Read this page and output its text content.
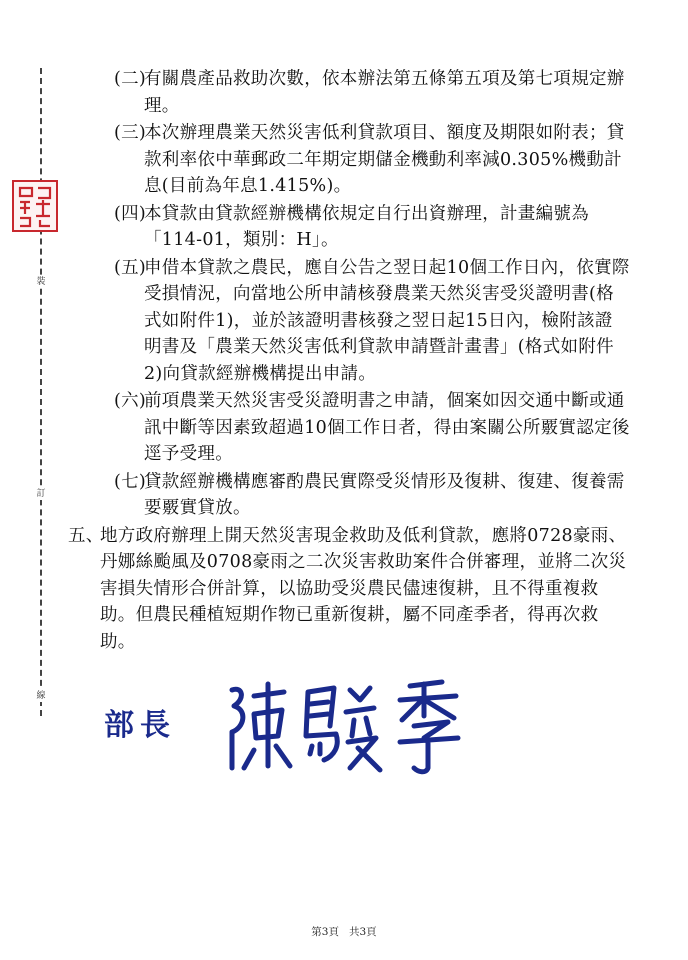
裝
訂
線
(二)
有關農產品救助次數，依本辦法第五條第五項及第七項規定辦理。
(三)
本次辦理農業天然災害低利貸款項目、額度及期限如附表；貸款利率依中華郵政二年期定期儲金機動利率減0.305%機動計息(目前為年息1.415%)。
(四)
本貸款由貸款經辦機構依規定自行出資辦理，計畫編號為「114-01，類別：H」。
(五)
申借本貸款之農民，應自公告之翌日起10個工作日內，依實際受損情況，向當地公所申請核發農業天然災害受災證明書(格式如附件1)，並於該證明書核發之翌日起15日內，檢附該證明書及「農業天然災害低利貸款申請暨計畫書」(格式如附件2)向貸款經辦機構提出申請。
(六)
前項農業天然災害受災證明書之申請，個案如因交通中斷或通訊中斷等因素致超過10個工作日者，得由案關公所覈實認定後逕予受理。
(七)
貸款經辦機構應審酌農民實際受災情形及復耕、復建、復養需要覈實貸放。
五、
地方政府辦理上開天然災害現金救助及低利貸款，應將0728豪雨、丹娜絲颱風及0708豪雨之二次災害救助案件合併審理，並將二次災害損失情形合併計算，以協助受災農民儘速復耕，且不得重複救助。但農民種植短期作物已重新復耕，屬不同產季者，得再次救助。
部長
第3頁 共3頁
